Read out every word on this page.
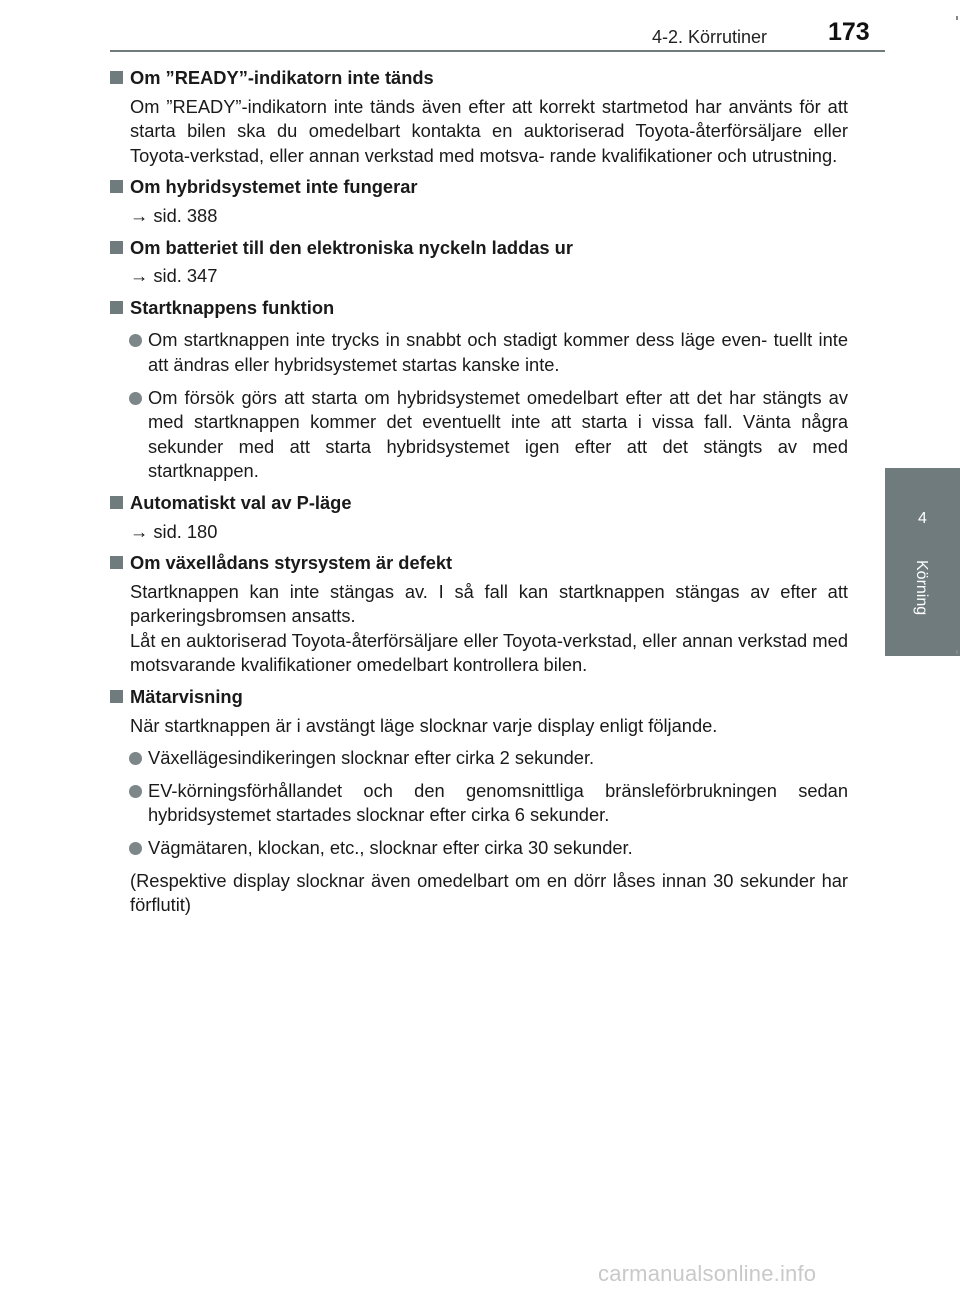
4-2. Körrutiner 173
4
Körning
Om ”READY”-indikatorn inte tänds
Om ”READY”-indikatorn inte tänds även efter att korrekt startmetod har använts för att starta bilen ska du omedelbart kontakta en auktoriserad Toyota-återförsäljare eller Toyota-verkstad, eller annan verkstad med motsva- rande kvalifikationer och utrustning.
Om hybridsystemet inte fungerar
→ sid. 388
Om batteriet till den elektroniska nyckeln laddas ur
→ sid. 347
Startknappens funktion
Om startknappen inte trycks in snabbt och stadigt kommer dess läge even- tuellt inte att ändras eller hybridsystemet startas kanske inte.
Om försök görs att starta om hybridsystemet omedelbart efter att det har stängts av med startknappen kommer det eventuellt inte att starta i vissa fall. Vänta några sekunder med att starta hybridsystemet igen efter att det stängts av med startknappen.
Automatiskt val av P-läge
→ sid. 180
Om växellådans styrsystem är defekt
Startknappen kan inte stängas av. I så fall kan startknappen stängas av efter att parkeringsbromsen ansatts.
Låt en auktoriserad Toyota-återförsäljare eller Toyota-verkstad, eller annan verkstad med motsvarande kvalifikationer omedelbart kontrollera bilen.
Mätarvisning
När startknappen är i avstängt läge slocknar varje display enligt följande.
Växellägesindikeringen slocknar efter cirka 2 sekunder.
EV-körningsförhållandet och den genomsnittliga bränsleförbrukningen sedan hybridsystemet startades slocknar efter cirka 6 sekunder.
Vägmätaren, klockan, etc., slocknar efter cirka 30 sekunder.
(Respektive display slocknar även omedelbart om en dörr låses innan 30 sekunder har förflutit)
carmanualsonline.info
